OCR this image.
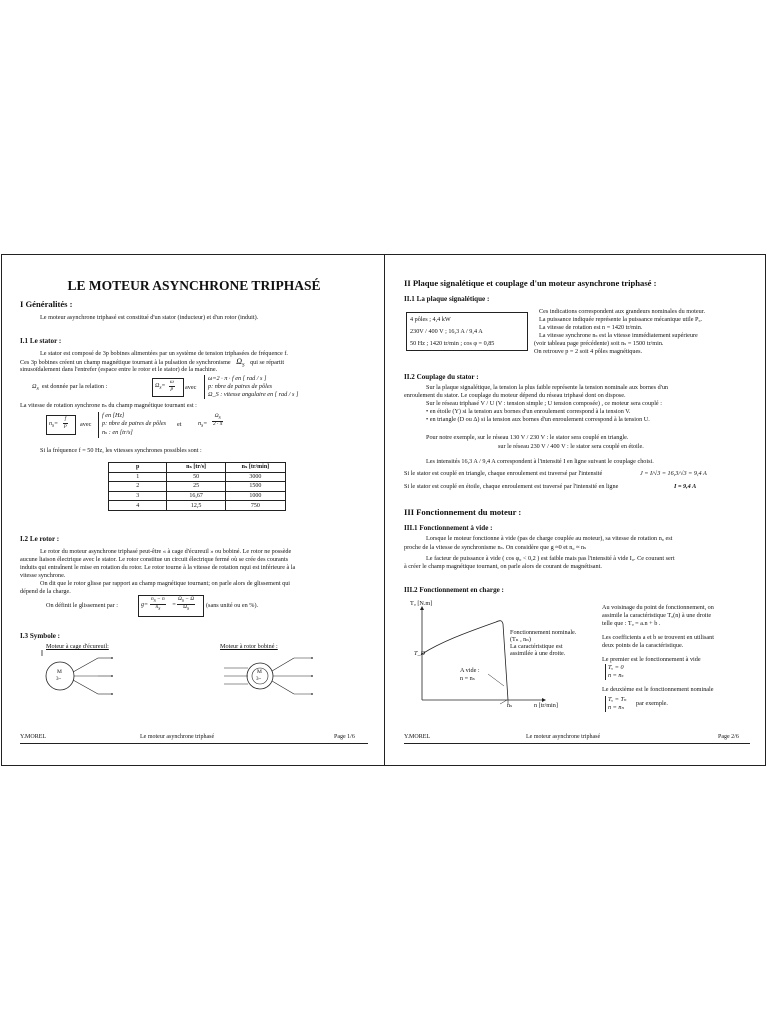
LE MOTEUR ASYNCHRONE TRIPHASÉ
I Généralités :
Le moteur asynchrone triphasé est constitué d'un stator (inducteur) et d'un rotor (induit).
I.1 Le stator :
Le stator est composé de 3p bobines alimentées par un système de tension triphasées de fréquence f.
Ces 3p bobines créent un champ magnétique tournant à la pulsation de synchronisme   $\Omega_S$   qui se répartit
sinusoïdalement dans l'entrefer (espace entre le rotor et le stator) de la machine.
$\Omega_S$ est donnée par la relation :	$\Omega_S= \frac{\omega}{p}$ avec
ω=2 · π · f en [ rad / s ]
p: nbre de paires de pôles
Ω_S : vitesse angulaire en [ rad / s ]
La vitesse de rotation synchrone nₛ du champ magnétique tournant est :
$n_S= \frac{f}{p}$ avec
f en [Hz]
p: nbre de paires de pôles
nₛ : en [tr/s]
et	$n_S= \frac{\Omega_S}{2 \cdot \pi}$
Si la fréquence f = 50 Hz, les vitesses synchrones possibles sont :
p	nₛ [tr/s]	nₛ [tr/min]
1	50	3000
2	25	1500
3	16,67	1000
4	12,5	750
I.2 Le rotor :
Le rotor du moteur asynchrone triphasé peut-être « à cage d'écureuil » ou bobiné. Le rotor ne possède
aucune liaison électrique avec le stator. Le rotor constitue un circuit électrique fermé où se crée des courants
induits qui entraînent le mise en rotation du rotor. Le rotor tourne à la vitesse de rotation nqui est inférieure à la
vitesse synchrone.
On dit que le rotor glisse par rapport au champ magnétique tournant; on parle alors de glissement qui
dépend de la charge.
On définit le glissement par :	$g= \frac{n_S - n}{n_S} = \frac{\Omega_S - \Omega}{\Omega_S}$ (sans unité ou en %).
I.3 Symbole :
Moteur à cage d'écureuil:	Moteur à rotor bobiné :
M
3~
M
3~
Y.MOREL	Le moteur asynchrone triphasé	Page 1/6
II Plaque signalétique et couplage d'un moteur asynchrone triphasé :
II.1 La plaque signalétique :
4 pôles ; 4,4 kW
230V / 400 V ; 16,3 A / 9,4 A
50 Hz ; 1420 tr/min ; cos φ = 0,85
Ces indications correspondent aux grandeurs nominales du moteur.
La puissance indiquée représente la puissance mécanique utile Pᵤ.
La vitesse de rotation est n = 1420 tr/min.
La vitesse synchrone nₛ est la vitesse immédiatement supérieure
(voir tableau page précédente) soit nₛ = 1500 tr/min.
On retrouve p = 2 soit 4 pôles magnétiques.
II.2 Couplage du stator :
Sur la plaque signalétique, la tension la plus faible représente la tension nominale aux bornes d'un
enroulement du stator. Le couplage du moteur dépend du réseau triphasé dont on dispose.
Sur le réseau triphasé V / U (V : tension simple ; U tension composée) , ce moteur sera couplé :
• en étoile (Y) si la tension aux bornes d'un enroulement correspond à la tension V.
• en triangle (D ou Δ) si la tension aux bornes d'un enroulement correspond à la tension U.
Pour notre exemple, sur le réseau 130 V / 230 V : le stator sera couplé en triangle.
sur le réseau 230 V / 400 V : le stator sera couplé en étoile.
Les intensités 16,3 A / 9,4 A correspondent à l'intensité I en ligne suivant le couplage choisi.
Si le stator est couplé en triangle, chaque enroulement est traversé par l'intensité	J = I/√3 = 16,3/√3 = 9,4 A
Si le stator est couplé en étoile, chaque enroulement est traversé par l'intensité en ligne	I = 9,4 A
III Fonctionnement du moteur :
III.1 Fonctionnement à vide :
Lorsque le moteur fonctionne à vide (pas de charge couplée au moteur), sa vitesse de rotation n₀ est
proche de la vitesse de synchronisme nₛ. On considère que g ≈0 et n₀ ≈ nₛ
Le facteur de puissance à vide ( cos φ₀ < 0,2 ) est faible mais pas l'intensité à vide I₀. Ce courant sert
à créer le champ magnétique tournant, on parle alors de courant de magnétisant.
III.2 Fonctionnement en charge :
Tᵤ [N.m]
T_D
n [tr/min]
nₛ
Fonctionnement nominale.
(Tₙ , nₙ)
La caractéristique est
assimilée à une droite.
A vide :
n = nₛ
Au voisinage du point de fonctionnement, on
assimile la caractéristique Tᵤ(n) à une droite
telle que : Tᵤ = a.n + b .
Les coefficients a et b se trouvent en utilisant
deux points de la caractéristique.
Le premier est le fonctionnement à vide
Tᵤ = 0
n = nₛ
Le deuxième est le fonctionnement nominale
Tᵤ = Tₙ
n = nₙ
par exemple.
Y.MOREL	Le moteur asynchrone triphasé	Page 2/6
